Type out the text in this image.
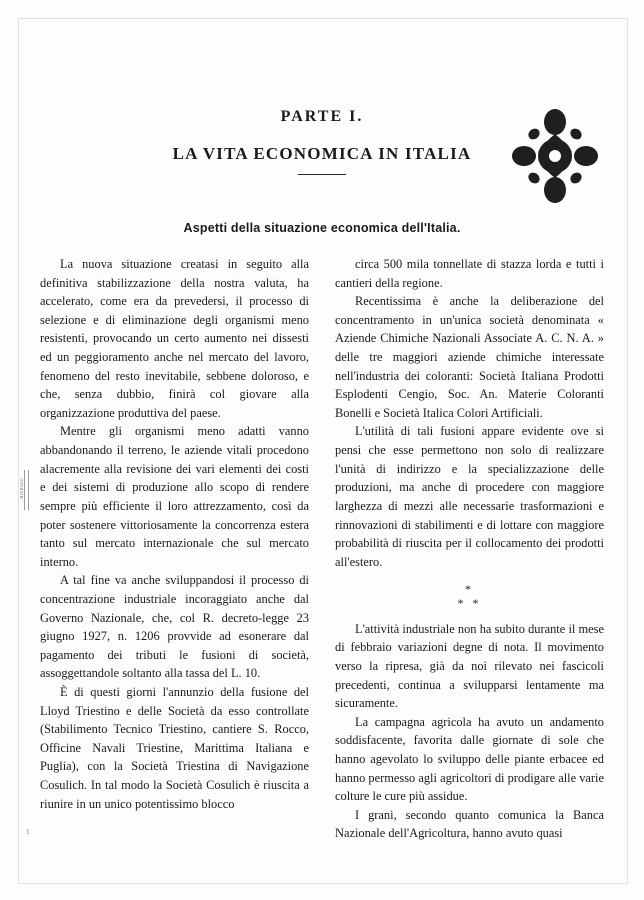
Archivio
1
PARTE I.
LA VITA ECONOMICA IN ITALIA
Aspetti della situazione economica dell'Italia.

La nuova situazione creatasi in seguito alla definitiva stabilizzazione della nostra valuta, ha accelerato, come era da prevedersi, il processo di selezione e di eliminazione degli organismi meno resistenti, provocando un certo aumento nei dissesti ed un peggioramento anche nel mercato del lavoro, fenomeno del resto inevitabile, sebbene doloroso, e che, senza dubbio, finirà col giovare alla organizzazione produttiva del paese.

Mentre gli organismi meno adatti vanno abbandonando il terreno, le aziende vitali procedono alacremente alla revisione dei vari elementi dei costi e dei sistemi di produzione allo scopo di rendere sempre più efficiente il loro attrezzamento, così da poter sostenere vittoriosamente la concorrenza estera tanto sul mercato internazionale che sul mercato interno.

A tal fine va anche sviluppandosi il processo di concentrazione industriale incoraggiato anche dal Governo Nazionale, che, col R. decreto-legge 23 giugno 1927, n. 1206 provvide ad esonerare dal pagamento dei tributi le fusioni di società, assoggettandole soltanto alla tassa del L. 10.

È di questi giorni l'annunzio della fusione del Lloyd Triestino e delle Società da esso controllate (Stabilimento Tecnico Triestino, cantiere S. Rocco, Officine Navali Triestine, Marittima Italiana e Puglia), con la Società Triestina di Navigazione Cosulich. In tal modo la Società Cosulich è riuscita a riunire in un unico potentissimo blocco

circa 500 mila tonnellate di stazza lorda e tutti i cantieri della regione.

Recentissima è anche la deliberazione del concentramento in un'unica società denominata « Aziende Chimiche Nazionali Associate A. C. N. A. » delle tre maggiori aziende chimiche interessate nell'industria dei coloranti: Società Italiana Prodotti Esplodenti Cengio, Soc. An. Materie Coloranti Bonelli e Società Italica Colori Artificiali.

L'utilità di tali fusioni appare evidente ove si pensi che esse permettono non solo di realizzare l'unità di indirizzo e la specializzazione delle produzioni, ma anche di procedere con maggiore larghezza di mezzi alle necessarie trasformazioni e rinnovazioni di stabilimenti e di lottare con maggiore probabilità di riuscita per il collocamento dei prodotti all'estero.

*
* *

L'attività industriale non ha subito durante il mese di febbraio variazioni degne di nota. Il movimento verso la ripresa, già da noi rilevato nei fascicoli precedenti, continua a svilupparsi lentamente ma sicuramente.

La campagna agricola ha avuto un andamento soddisfacente, favorita dalle giornate di sole che hanno agevolato lo sviluppo delle piante erbacee ed hanno permesso agli agricoltori di prodigare alle varie colture le cure più assidue.

I grani, secondo quanto comunica la Banca Nazionale dell'Agricoltura, hanno avuto quasi
